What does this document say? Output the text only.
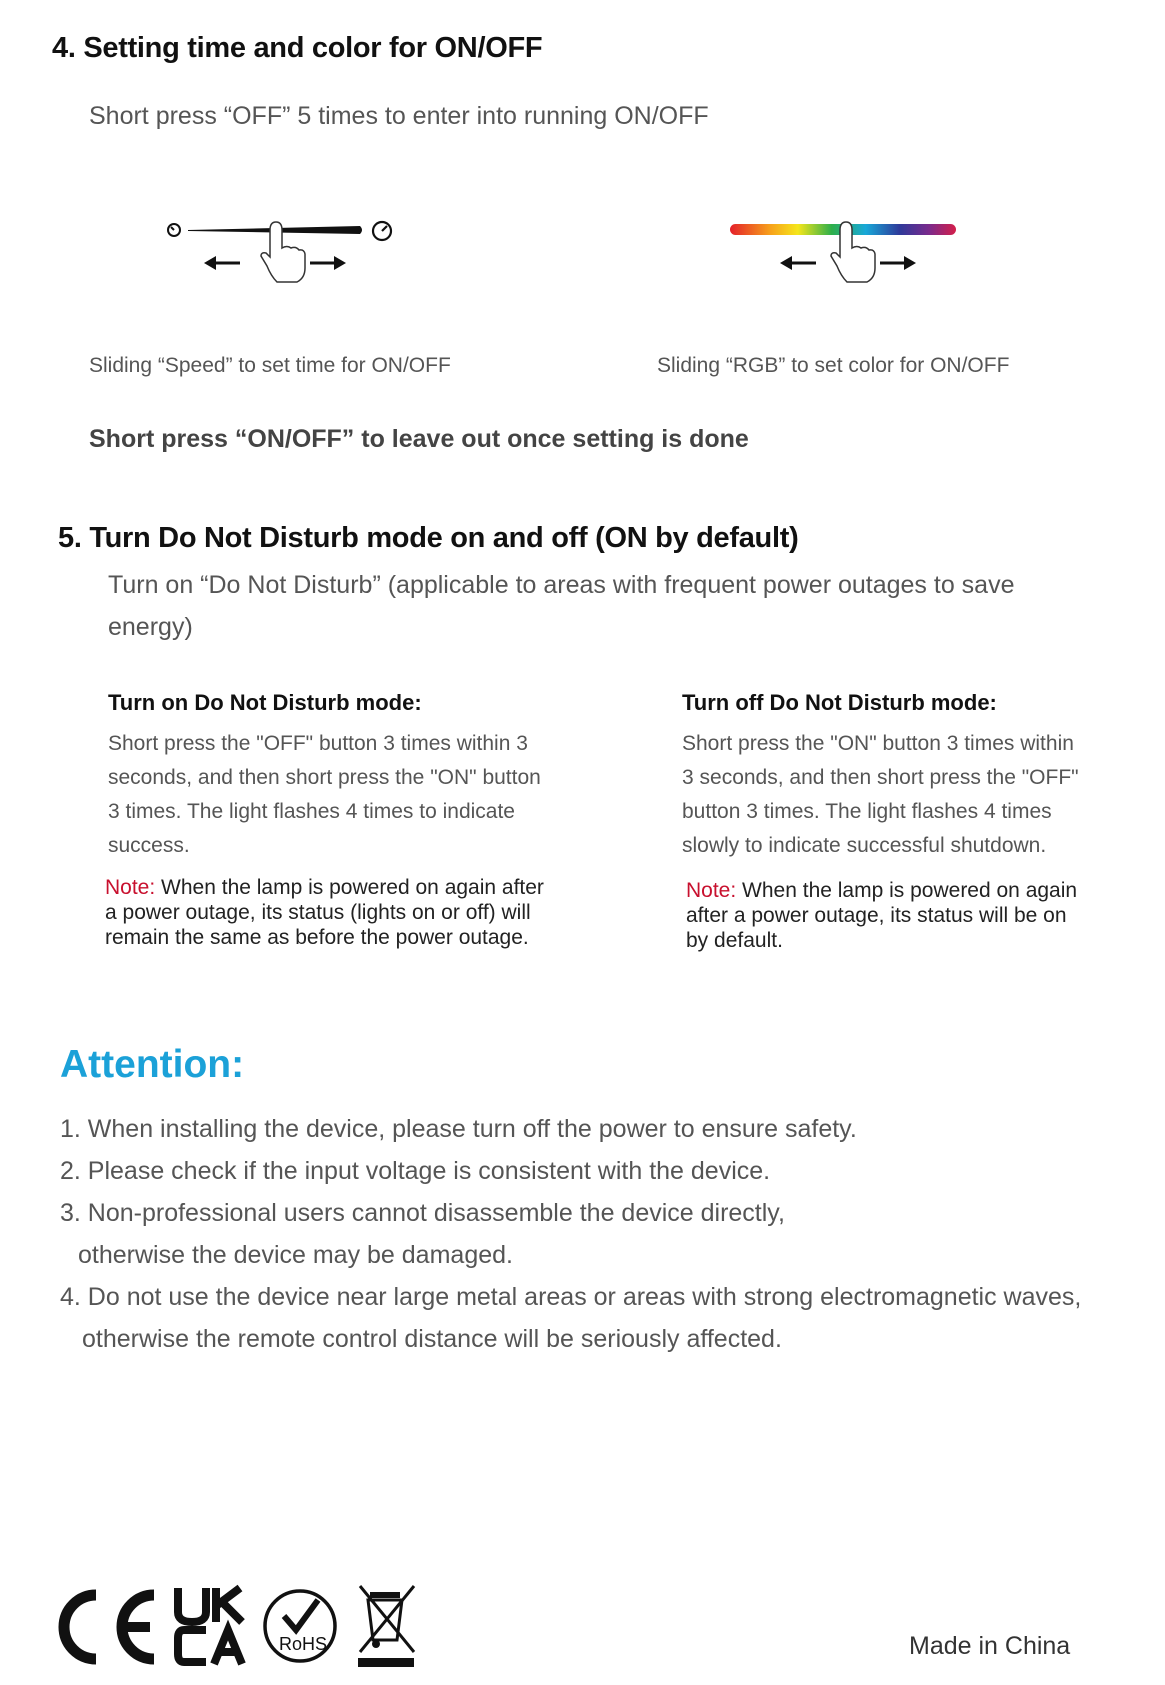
4. Setting time and color for ON/OFF
Short press “OFF” 5 times to enter into running ON/OFF
Sliding “Speed” to set time for ON/OFF	Sliding “RGB” to set color for ON/OFF
Short press “ON/OFF” to leave out once setting is done
5. Turn Do Not Disturb mode on and off (ON by default)
Turn on “Do Not Disturb” (applicable to areas with frequent power outages to save
energy)
Turn on Do Not Disturb mode:
Short press the "OFF" button 3 times within 3
seconds, and then short press the "ON" button
3 times. The light flashes 4 times to indicate
success.
Note: When the lamp is powered on again after
a power outage, its status (lights on or off) will
remain the same as before the power outage.
Turn off Do Not Disturb mode:
Short press the "ON" button 3 times within
3 seconds, and then short press the "OFF"
button 3 times. The light flashes 4 times
slowly to indicate successful shutdown.
Note: When the lamp is powered on again
after a power outage, its status will be on
by default.
Attention:
1. When installing the device, please turn off the power to ensure safety.
2. Please check if the input voltage is consistent with the device.
3. Non-professional users cannot disassemble the device directly,
otherwise the device may be damaged.
4. Do not use the device near large metal areas or areas with strong electromagnetic waves,
otherwise the remote control distance will be seriously affected.
RoHS	Made in China
